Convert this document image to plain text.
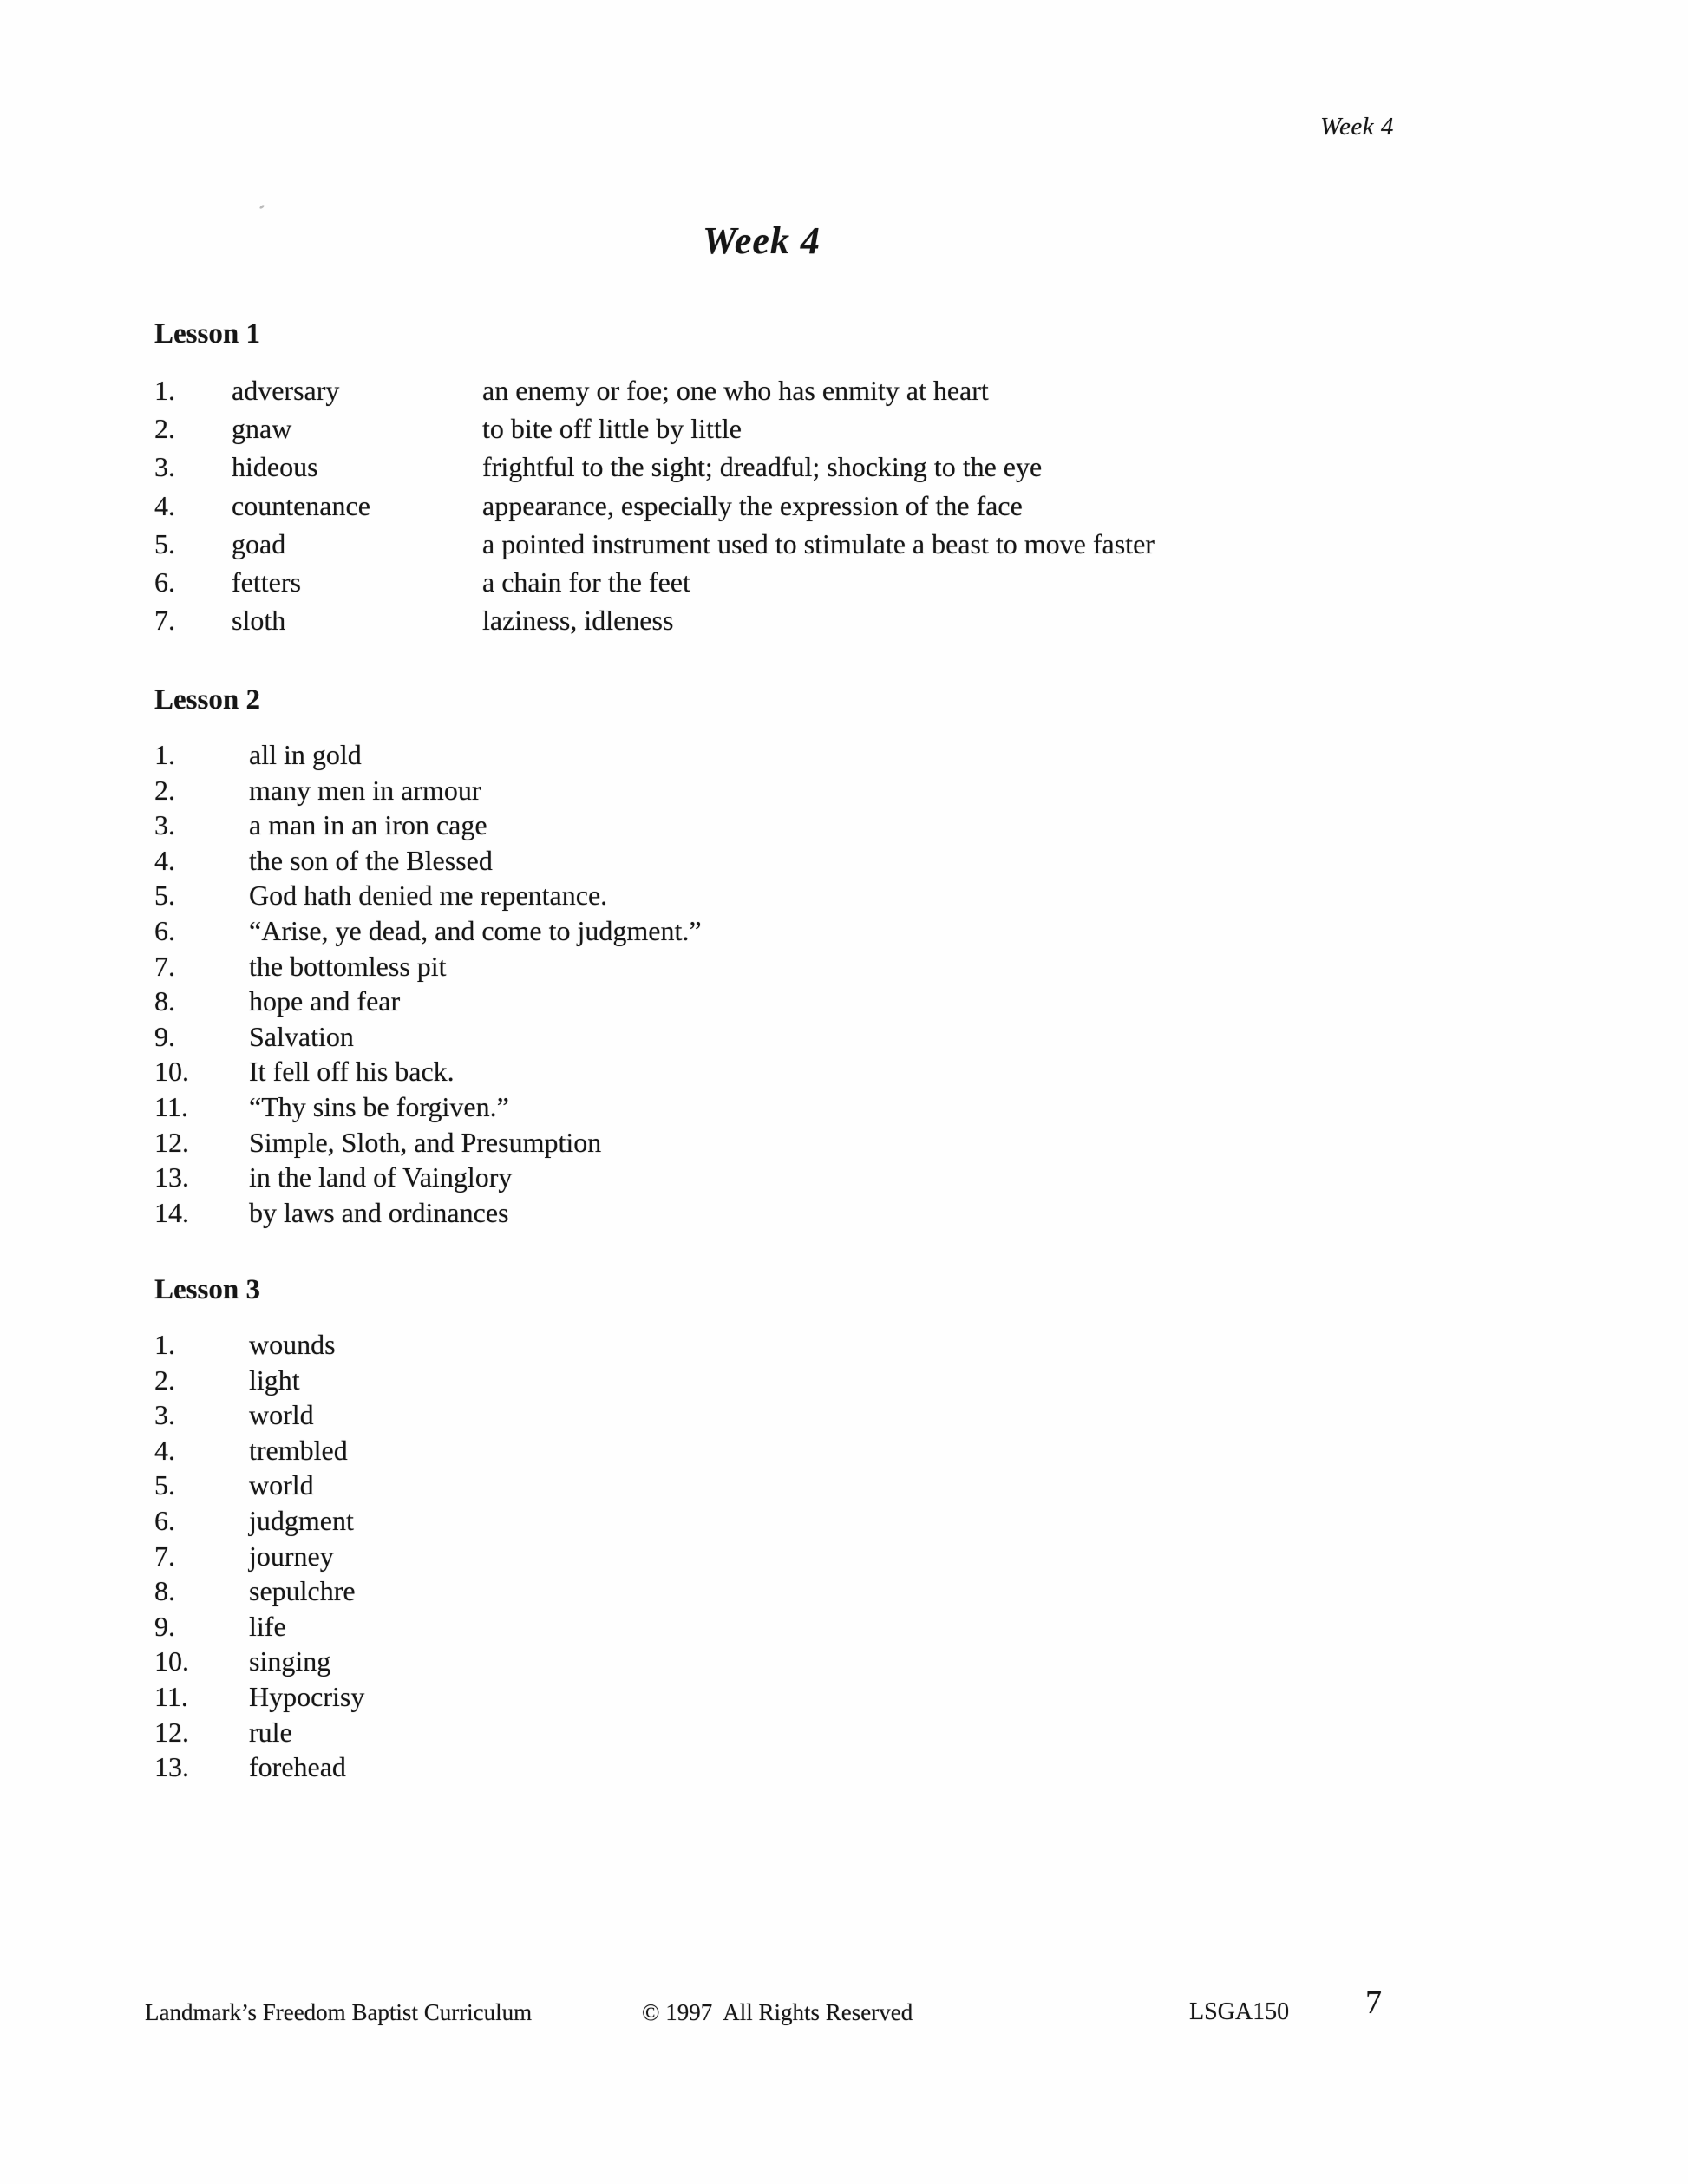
Week 4
Week 4
Lesson 1
1.	adversary	an enemy or foe; one who has enmity at heart
2.	gnaw	to bite off little by little
3.	hideous	frightful to the sight; dreadful; shocking to the eye
4.	countenance	appearance, especially the expression of the face
5.	goad	a pointed instrument used to stimulate a beast to move faster
6.	fetters	a chain for the feet
7.	sloth	laziness, idleness
Lesson 2
1.	all in gold
2.	many men in armour
3.	a man in an iron cage
4.	the son of the Blessed
5.	God hath denied me repentance.
6.	“Arise, ye dead, and come to judgment.”
7.	the bottomless pit
8.	hope and fear
9.	Salvation
10.	It fell off his back.
11.	“Thy sins be forgiven.”
12.	Simple, Sloth, and Presumption
13.	in the land of Vainglory
14.	by laws and ordinances
Lesson 3
1.	wounds
2.	light
3.	world
4.	trembled
5.	world
6.	judgment
7.	journey
8.	sepulchre
9.	life
10.	singing
11.	Hypocrisy
12.	rule
13.	forehead
Landmark’s Freedom Baptist Curriculum	© 1997  All Rights Reserved	LSGA150 7
